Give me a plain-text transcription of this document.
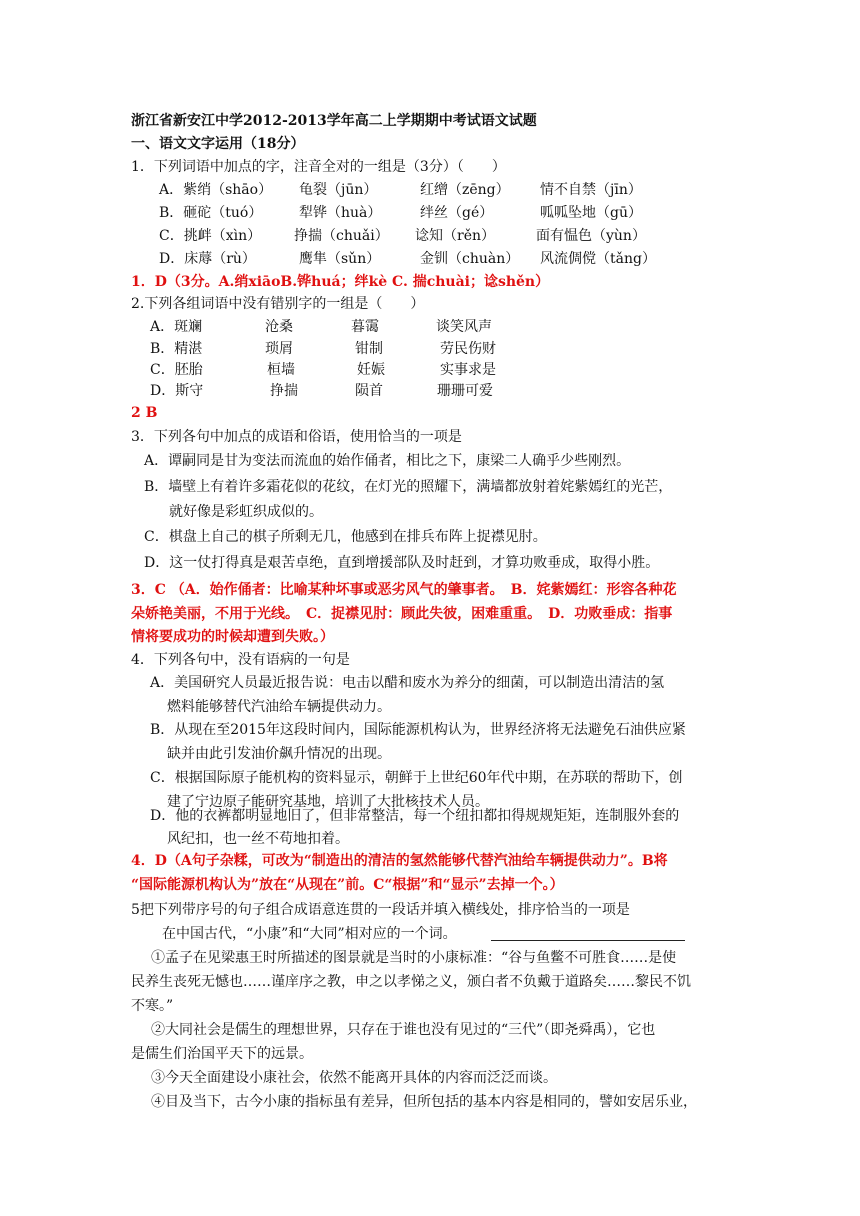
浙江省新安江中学2012-2013学年高二上学期期中考试语文试题
一、语文文字运用（18分）
1．下列词语中加点的字，注音全对的一组是（3分）（　　）
A．紫绡（shāo） 龟裂（jūn）	红缯（zēng） 情不自禁（jīn）
B．砸砣（tuó）	犁铧（huà）	绊丝（gé）	呱呱坠地（gū）
C．挑衅（xìn） 挣揣（chuǎi） 谂知（rěn）	面有愠色（yùn）
D．床蓐（rù）	鹰隼（sǔn）	金钏（chuàn） 风流倜傥（tǎng）
1．D（3分。A.绡xiāoB.铧huá；绊kè C. 揣chuài；谂shěn）
2.下列各组词语中没有错别字的一组是（　　）
A．斑斓	沧桑	暮霭	谈笑风声
B．精湛	琐屑	钳制	劳民伤财
C．胚胎	桓墙	妊娠	实事求是
D．斯守	挣揣	陨首	珊珊可爱
2 B
3．下列各句中加点的成语和俗语，使用恰当的一项是
A．谭嗣同是甘为变法而流血的始作俑者，相比之下，康梁二人确乎少些刚烈。
B．墙壁上有着许多霜花似的花纹，在灯光的照耀下，满墙都放射着姹紫嫣红的光芒，
就好像是彩虹织成似的。
C．棋盘上自己的棋子所剩无几，他感到在排兵布阵上捉襟见肘。
D．这一仗打得真是艰苦卓绝，直到增援部队及时赶到，才算功败垂成，取得小胜。
3．C （A．始作俑者：比喻某种坏事或恶劣风气的肇事者。　B．姹紫嫣红：形容各种花
朵娇艳美丽，不用于光线。　C．捉襟见肘：顾此失彼，困难重重。　D．功败垂成：指事
情将要成功的时候却遭到失败。）
4．下列各句中，没有语病的一句是
A．美国研究人员最近报告说：电击以醋和废水为养分的细菌，可以制造出清洁的氢
燃料能够替代汽油给车辆提供动力。
B．从现在至2015年这段时间内，国际能源机构认为，世界经济将无法避免石油供应紧
缺并由此引发油价飙升情况的出现。
C．根据国际原子能机构的资料显示，朝鲜于上世纪60年代中期，在苏联的帮助下，创
建了宁边原子能研究基地，培训了大批核技术人员。
D．他的衣裤都明显地旧了，但非常整洁，每一个纽扣都扣得规规矩矩，连制服外套的
风纪扣，也一丝不苟地扣着。
4．D（A句子杂糅，可改为“制造出的清洁的氢然能够代替汽油给车辆提供动力”。B将
“国际能源机构认为”放在“从现在”前。C“根据”和“显示”去掉一个。）
5把下列带序号的句子组合成语意连贯的一段话并填入横线处，排序恰当的一项是
在中国古代，“小康”和“大同”相对应的一个词。
①孟子在见梁惠王时所描述的图景就是当时的小康标准：“谷与鱼鳖不可胜食……是使
民养生丧死无憾也……谨庠序之教，申之以孝悌之义，颁白者不负戴于道路矣……黎民不饥
不寒。”
②大同社会是儒生的理想世界，只存在于谁也没有见过的“三代”（即尧舜禹），它也
是儒生们治国平天下的远景。
③今天全面建设小康社会，依然不能离开具体的内容而泛泛而谈。
④目及当下，古今小康的指标虽有差异，但所包括的基本内容是相同的，譬如安居乐业，
